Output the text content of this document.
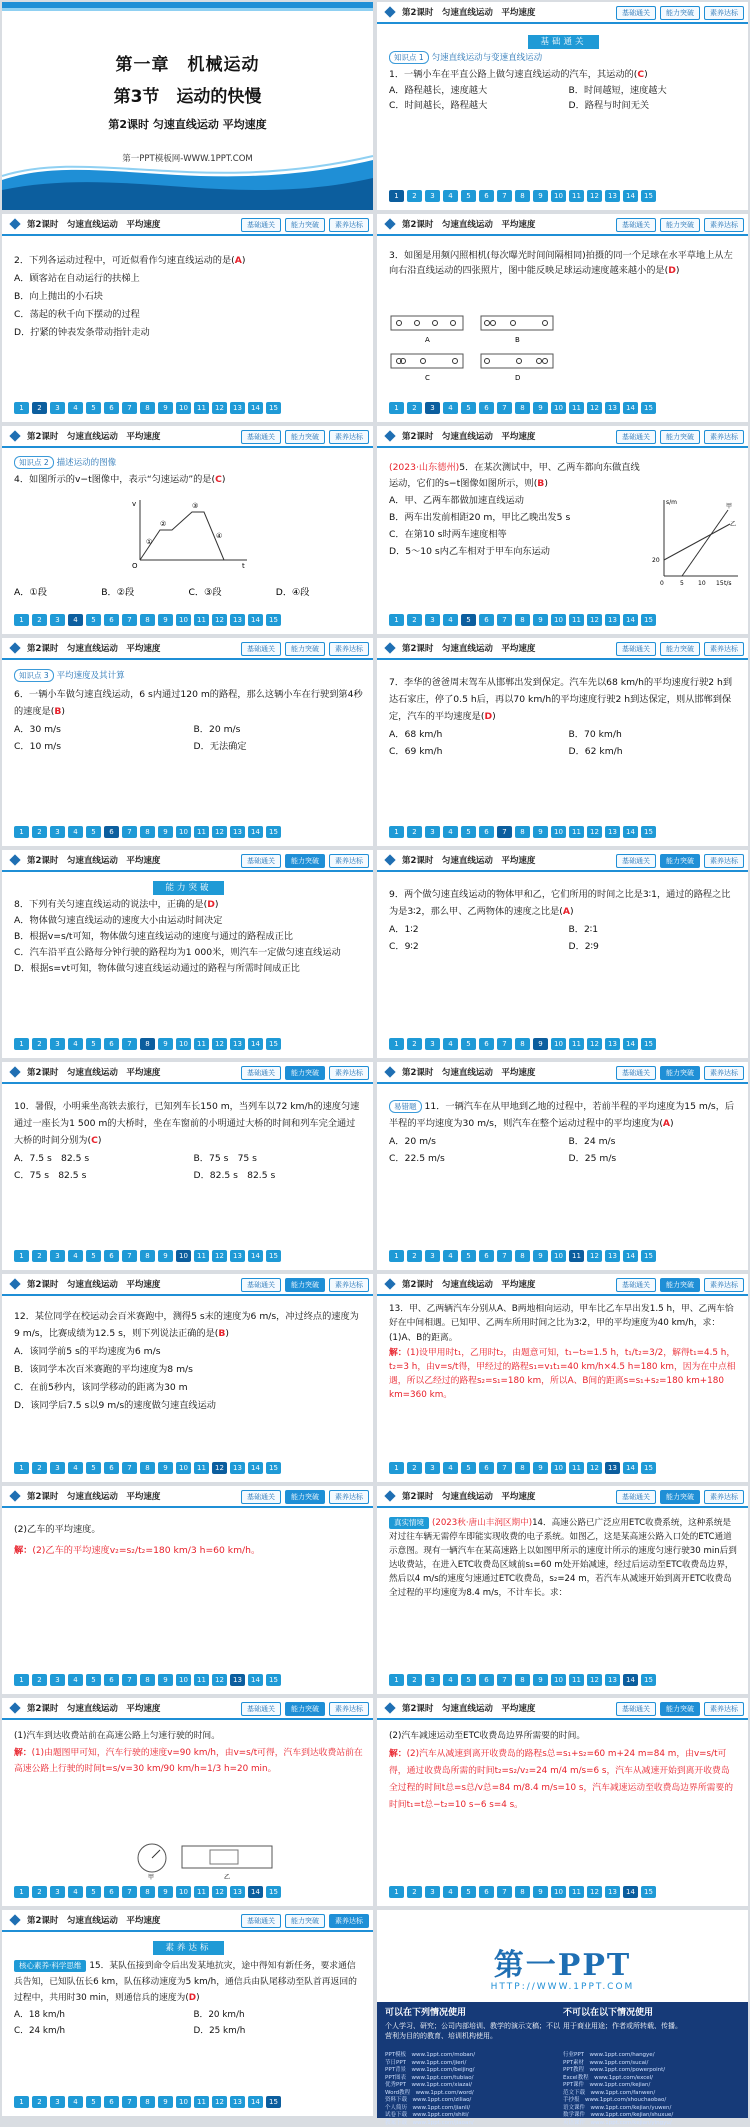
第一章　机械运动
第3节　运动的快慢
第2课时 匀速直线运动 平均速度
第一PPT模板网-WWW.1PPT.COM
第2课时　匀速直线运动　平均速度	基础通关	能力突破	素养达标
基础通关

知识点 1 匀速直线运动与变速直线运动

1．一辆小车在平直公路上做匀速直线运动的汽车，其运动的(C)

A．路程越长，速度越大	B．时间越短，速度越大
C．时间越长，路程越大	D．路程与时间无关
1	2	3	4	5	6	7	8	9	10	11	12	13	14	15
第2课时　匀速直线运动　平均速度	基础通关	能力突破	素养达标

2．下列各运动过程中，可近似看作匀速直线运动的是(A)

A．顾客站在自动运行的扶梯上

B．向上抛出的小石块

C．荡起的秋千向下摆动的过程

D．拧紧的钟表发条带动指针走动

1	2	3	4	5	6	7	8	9	10	11	12	13	14	15
第2课时　匀速直线运动　平均速度	基础通关	能力突破	素养达标

3．如图是用频闪照相机(每次曝光时间间隔相同)拍摄的同一个足球在水平草地上从左向右沿直线运动的四张照片，图中能反映足球运动速度越来越小的是(D)

A	B
C	D
1	2	3	4	5	6	7	8	9	10	11	12	13	14	15
第2课时　匀速直线运动　平均速度	基础通关	能力突破	素养达标

知识点 2 描述运动的图像

4．如图所示的v−t图像中，表示“匀速运动”的是(C)

v
t
O
①
②
③
④
A．①段	B．②段	C．③段	D．④段
1	2	3	4	5	6	7	8	9	10	11	12	13	14	15
第2课时　匀速直线运动　平均速度	基础通关	能力突破	素养达标

(2023·山东德州)5．在某次测试中，甲、乙两车都向东做直线运动，它们的s−t图像如图所示，则(B)

A．甲、乙两车都做加速直线运动

B．两车出发前相距20 m，甲比乙晚出发5 s

C．在第10 s时两车速度相等

D．5～10 s内乙车相对于甲车向东运动

s/m
t/s
0	5 10 15
20
甲
乙
1	2	3	4	5	6	7	8	9	10	11	12	13	14	15
第2课时　匀速直线运动　平均速度	基础通关	能力突破	素养达标

知识点 3 平均速度及其计算

6．一辆小车做匀速直线运动，6 s内通过120 m的路程，那么这辆小车在行驶到第4秒的速度是(B)

A．30 m/s	B．20 m/s
C．10 m/s	D．无法确定
1	2	3	4	5	6	7	8	9	10	11	12	13	14	15
第2课时　匀速直线运动　平均速度	基础通关	能力突破	素养达标

7．李华的爸爸周末驾车从邯郸出发到保定。汽车先以68 km/h的平均速度行驶2 h到达石家庄，停了0.5 h后，再以70 km/h的平均速度行驶2 h到达保定，则从邯郸到保定，汽车的平均速度是(D)

A．68 km/h	B．70 km/h
C．69 km/h	D．62 km/h
1	2	3	4	5	6	7	8	9	10	11	12	13	14	15
第2课时　匀速直线运动　平均速度	基础通关	能力突破	素养达标
能力突破

8．下列有关匀速直线运动的说法中，正确的是(D)

A．物体做匀速直线运动的速度大小由运动时间决定

B．根据v=s/t可知，物体做匀速直线运动的速度与通过的路程成正比

C．汽车沿平直公路每分钟行驶的路程均为1 000米，则汽车一定做匀速直线运动

D．根据s=vt可知，物体做匀速直线运动通过的路程与所需时间成正比

1	2	3	4	5	6	7	8	9	10	11	12	13	14	15
第2课时　匀速直线运动　平均速度	基础通关	能力突破	素养达标

9．两个做匀速直线运动的物体甲和乙，它们所用的时间之比是3∶1，通过的路程之比为是3∶2，那么甲、乙两物体的速度之比是(A)

A．1∶2	B．2∶1
C．9∶2	D．2∶9
1	2	3	4	5	6	7	8	9	10	11	12	13	14	15
第2课时　匀速直线运动　平均速度	基础通关	能力突破	素养达标

10．暑假，小明乘坐高铁去旅行，已知列车长150 m，当列车以72 km/h的速度匀速通过一座长为1 500 m的大桥时，坐在车窗前的小明通过大桥的时间和列车完全通过大桥的时间分别为(C)

A．7.5 s　82.5 s	B．75 s　75 s
C．75 s　82.5 s	D．82.5 s　82.5 s
1	2	3	4	5	6	7	8	9	10	11	12	13	14	15
第2课时　匀速直线运动　平均速度	基础通关	能力突破	素养达标

易错题 11．一辆汽车在从甲地到乙地的过程中，若前半程的平均速度为15 m/s，后半程的平均速度为30 m/s，则汽车在整个运动过程中的平均速度为(A)

A．20 m/s	B．24 m/s
C．22.5 m/s	D．25 m/s
1	2	3	4	5	6	7	8	9	10	11	12	13	14	15
第2课时　匀速直线运动　平均速度	基础通关	能力突破	素养达标

12．某位同学在校运动会百米赛跑中，测得5 s末的速度为6 m/s，冲过终点的速度为9 m/s，比赛成绩为12.5 s，则下列说法正确的是(B)

A．该同学前5 s的平均速度为6 m/s

B．该同学本次百米赛跑的平均速度为8 m/s

C．在前5秒内，该同学移动的距离为30 m

D．该同学后7.5 s以9 m/s的速度做匀速直线运动

1	2	3	4	5	6	7	8	9	10	11	12	13	14	15
第2课时　匀速直线运动　平均速度	基础通关	能力突破	素养达标

13．甲、乙两辆汽车分别从A、B两地相向运动，甲车比乙车早出发1.5 h，甲、乙两车恰好在中间相遇。已知甲、乙两车所用时间之比为3∶2，甲的平均速度为40 km/h，求：

(1)A、B的距离。

解：(1)设甲用时t₁，乙用时t₂，由题意可知，t₁−t₂=1.5 h，t₁/t₂=3/2，解得t₁=4.5 h，t₂=3 h，由v=s/t得，甲经过的路程s₁=v₁t₁=40 km/h×4.5 h=180 km，因为在中点相遇，所以乙经过的路程s₂=s₁=180 km，所以A、B间的距离s=s₁+s₂=180 km+180 km=360 km。

1	2	3	4	5	6	7	8	9	10	11	12	13	14	15
第2课时　匀速直线运动　平均速度	基础通关	能力突破	素养达标

(2)乙车的平均速度。

解：(2)乙车的平均速度v₂=s₂/t₂=180 km/3 h=60 km/h。

1	2	3	4	5	6	7	8	9	10	11	12	13	14	15
第2课时　匀速直线运动　平均速度	基础通关	能力突破	素养达标

真实情境 (2023秋·唐山丰润区期中)14．高速公路已广泛应用ETC收费系统，这种系统是对过往车辆无需停车即能实现收费的电子系统。如图乙，这是某高速公路入口处的ETC通道示意图。现有一辆汽车在某高速路上以如图甲所示的速度计所示的速度匀速行驶30 min后到达收费站，在进入ETC收费岛区域前s₁=60 m处开始减速，经过后运动至ETC收费岛边界，然后以4 m/s的速度匀速通过ETC收费岛，s₂=24 m，若汽车从减速开始到离开ETC收费岛全过程的平均速度为8.4 m/s，不计车长。求：

1	2	3	4	5	6	7	8	9	10	11	12	13	14	15
第2课时　匀速直线运动　平均速度	基础通关	能力突破	素养达标

(1)汽车到达收费站前在高速公路上匀速行驶的时间。

解：(1)由题图甲可知，汽车行驶的速度v=90 km/h，由v=s/t可得，汽车到达收费站前在高速公路上行驶的时间t=s/v=30 km/90 km/h=1/3 h=20 min。

甲	乙
1	2	3	4	5	6	7	8	9	10	11	12	13	14	15
第2课时　匀速直线运动　平均速度	基础通关	能力突破	素养达标

(2)汽车减速运动至ETC收费岛边界所需要的时间。

解：(2)汽车从减速到离开收费岛的路程s总=s₁+s₂=60 m+24 m=84 m，由v=s/t可得，通过收费岛所需的时间t₂=s₂/v₂=24 m/4 m/s=6 s，汽车从减速开始到离开收费岛全过程的时间t总=s总/v总=84 m/8.4 m/s=10 s，汽车减速运动至收费岛边界所需要的时间t₁=t总−t₂=10 s−6 s=4 s。

1	2	3	4	5	6	7	8	9	10	11	12	13	14	15
第2课时　匀速直线运动　平均速度	基础通关	能力突破	素养达标
素养达标

核心素养·科学思维 15．某队伍接到命令后出发某地抗灾，途中得知有新任务，要求通信兵告知，已知队伍长6 km，队伍移动速度为5 km/h，通信兵由队尾移动至队首再返回的过程中，共用时30 min，则通信兵的速度为(D)

A．18 km/h	B．20 km/h
C．24 km/h	D．25 km/h
1	2	3	4	5	6	7	8	9	10	11	12	13	14	15
第一PPT
HTTP://WWW.1PPT.COM
可以在下列情况使用
个人学习、研究；公司内部培训、教学的演示文稿；不以营利为目的的教育、培训机构使用。
不可以在以下情况使用
用于商业用途；作者或所转载、传播。
PPT模板　www.1ppt.com/moban/
节日PPT　www.1ppt.com/jieri/
PPT背景　www.1ppt.com/beijing/
PPT图表　www.1ppt.com/tubiao/
优秀PPT　www.1ppt.com/xiazai/
Word教程　www.1ppt.com/word/
资料下载　www.1ppt.com/ziliao/
个人简历　www.1ppt.com/jianli/
试卷下载　www.1ppt.com/shiti/
教案下载　www.1ppt.com/jiaoan/
行业PPT　www.1ppt.com/hangye/
PPT素材　www.1ppt.com/sucai/
PPT教程　www.1ppt.com/powerpoint/
Excel教程　www.1ppt.com/excel/
PPT课件　www.1ppt.com/kejian/
范文下载　www.1ppt.com/fanwen/
手抄报　www.1ppt.com/shouchaobao/
语文课件　www.1ppt.com/kejian/yuwen/
数学课件　www.1ppt.com/kejian/shuxue/
英语课件　www.1ppt.com/kejian/yingyu/
